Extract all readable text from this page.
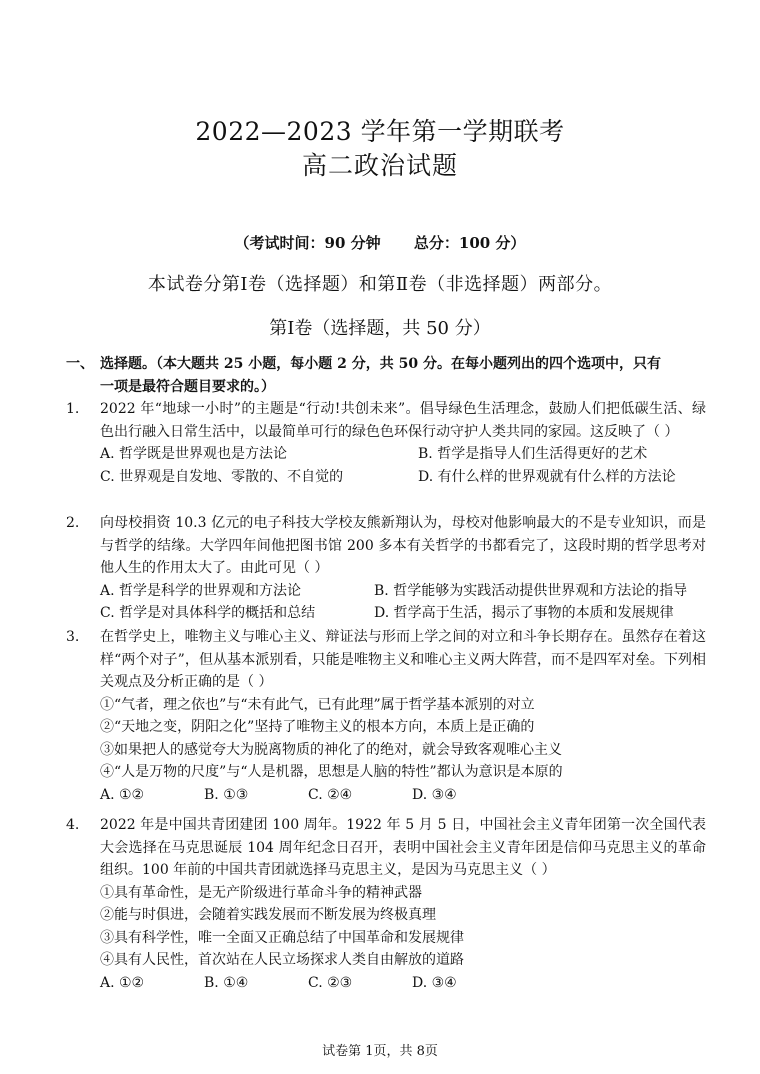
2022—2023 学年第一学期联考
高二政治试题
（考试时间：90 分钟 总分：100 分）
本试卷分第Ⅰ卷（选择题）和第Ⅱ卷（非选择题）两部分。
第Ⅰ卷（选择题，共 50 分）
一、 选择题。（本大题共 25 小题，每小题 2 分，共 50 分。在每小题列出的四个选项中，只有
一项是最符合题目要求的。）
1.	2022 年“地球一小时”的主题是“行动!共创未来”。倡导绿色生活理念，鼓励人们把低碳生活、绿色出行融入日常生活中，以最简单可行的绿色色环保行动守护人类共同的家园。这反映了（ ）
A. 哲学既是世界观也是方法论	B. 哲学是指导人们生活得更好的艺术
C. 世界观是自发地、零散的、不自觉的	D. 有什么样的世界观就有什么样的方法论
2.	向母校捐资 10.3 亿元的电子科技大学校友熊新翔认为，母校对他影响最大的不是专业知识，而是与哲学的结缘。大学四年间他把图书馆 200 多本有关哲学的书都看完了，这段时期的哲学思考对他人生的作用太大了。由此可见（ ）
A. 哲学是科学的世界观和方法论	B. 哲学能够为实践活动提供世界观和方法论的指导
C. 哲学是对具体科学的概括和总结	D. 哲学高于生活，揭示了事物的本质和发展规律
3.	在哲学史上，唯物主义与唯心主义、辩证法与形而上学之间的对立和斗争长期存在。虽然存在着这样“两个对子”，但从基本派别看，只能是唯物主义和唯心主义两大阵营，而不是四军对垒。下列相关观点及分析正确的是（ ）
①“气者，理之依也”与“未有此气，已有此理”属于哲学基本派别的对立
②“天地之变，阴阳之化”坚持了唯物主义的根本方向，本质上是正确的
③如果把人的感觉夸大为脱离物质的神化了的绝对，就会导致客观唯心主义
④“人是万物的尺度”与“人是机器，思想是人脑的特性”都认为意识是本原的
A. ①②	B. ①③	C. ②④	D. ③④
4.	2022 年是中国共青团建团 100 周年。1922 年 5 月 5 日，中国社会主义青年团第一次全国代表大会选择在马克思诞辰 104 周年纪念日召开，表明中国社会主义青年团是信仰马克思主义的革命组织。100 年前的中国共青团就选择马克思主义，是因为马克思主义（ ）
①具有革命性，是无产阶级进行革命斗争的精神武器
②能与时俱进，会随着实践发展而不断发展为终极真理
③具有科学性，唯一全面又正确总结了中国革命和发展规律
④具有人民性，首次站在人民立场探求人类自由解放的道路
A. ①②	B. ①④	C. ②③	D. ③④
试卷第 1页，共 8页
